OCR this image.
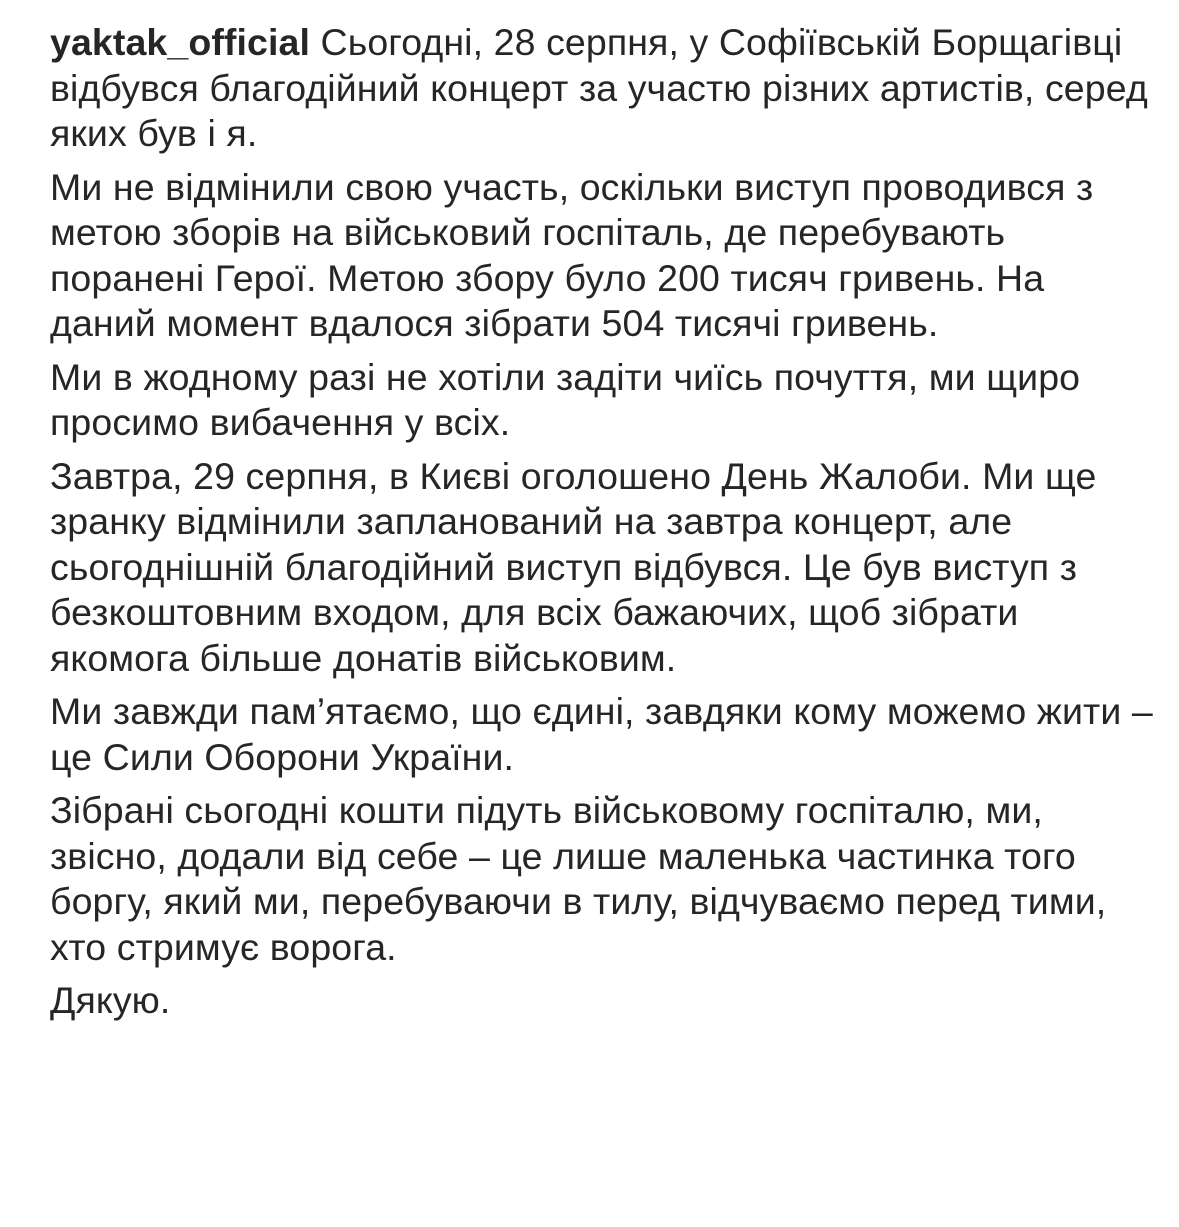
yaktak_official Сьогодні, 28 серпня, у Софіївській Борщагівці відбувся благодійний концерт за участю різних артистів, серед яких був і я.

Ми не відмінили свою участь, оскільки виступ проводився з метою зборів на військовий госпіталь, де перебувають поранені Герої. Метою збору було 200 тисяч гривень. На даний момент вдалося зібрати 504 тисячі гривень.

Ми в жодному разі не хотіли задіти чиїсь почуття, ми щиро просимо вибачення у всіх.

Завтра, 29 серпня, в Києві оголошено День Жалоби. Ми ще зранку відмінили запланований на завтра концерт, але сьогоднішній благодійний виступ відбувся. Це був виступ з безкоштовним входом, для всіх бажаючих, щоб зібрати якомога більше донатів військовим.

Ми завжди пам’ятаємо, що єдині, завдяки кому можемо жити – це Сили Оборони України.

Зібрані сьогодні кошти підуть військовому госпіталю, ми, звісно, додали від себе – це лише маленька частинка того боргу, який ми, перебуваючи в тилу, відчуваємо перед тими, хто стримує ворога.

Дякую.
